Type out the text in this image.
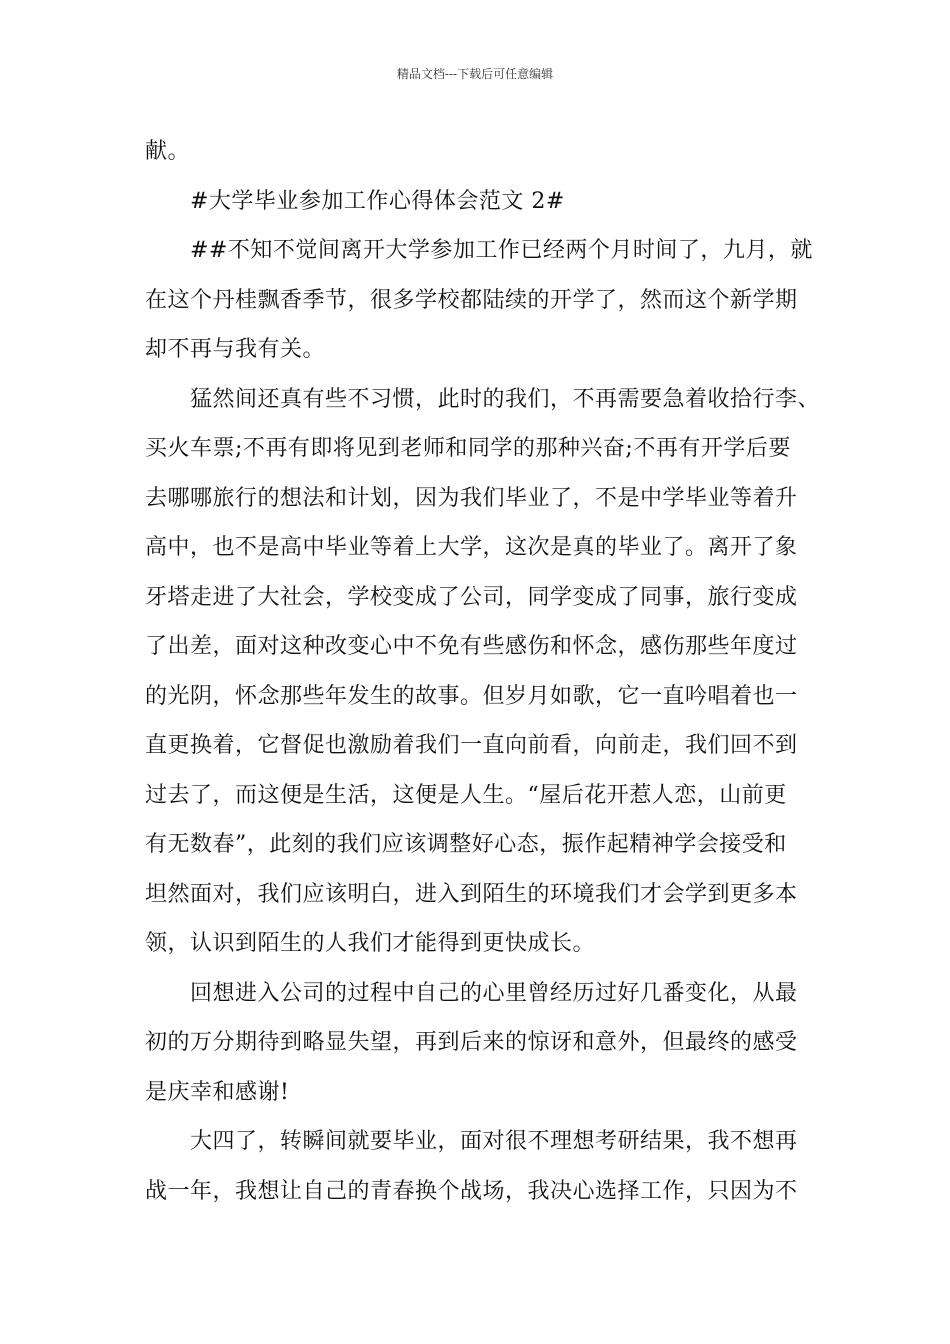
精品文档---下载后可任意编辑
献。
#大学毕业参加工作心得体会范文 2#
##不知不觉间离开大学参加工作已经两个月时间了，九月，就
在这个丹桂飘香季节，很多学校都陆续的开学了，然而这个新学期
却不再与我有关。
猛然间还真有些不习惯，此时的我们，不再需要急着收拾行李、
买火车票;不再有即将见到老师和同学的那种兴奋;不再有开学后要
去哪哪旅行的想法和计划，因为我们毕业了，不是中学毕业等着升
高中，也不是高中毕业等着上大学，这次是真的毕业了。离开了象
牙塔走进了大社会，学校变成了公司，同学变成了同事，旅行变成
了出差，面对这种改变心中不免有些感伤和怀念，感伤那些年度过
的光阴，怀念那些年发生的故事。但岁月如歌，它一直吟唱着也一
直更换着，它督促也激励着我们一直向前看，向前走，我们回不到
过去了，而这便是生活，这便是人生。“屋后花开惹人恋，山前更
有无数春”，此刻的我们应该调整好心态，振作起精神学会接受和
坦然面对，我们应该明白，进入到陌生的环境我们才会学到更多本
领，认识到陌生的人我们才能得到更快成长。
回想进入公司的过程中自己的心里曾经历过好几番变化，从最
初的万分期待到略显失望，再到后来的惊讶和意外，但最终的感受
是庆幸和感谢!
大四了，转瞬间就要毕业，面对很不理想考研结果，我不想再
战一年，我想让自己的青春换个战场，我决心选择工作，只因为不
